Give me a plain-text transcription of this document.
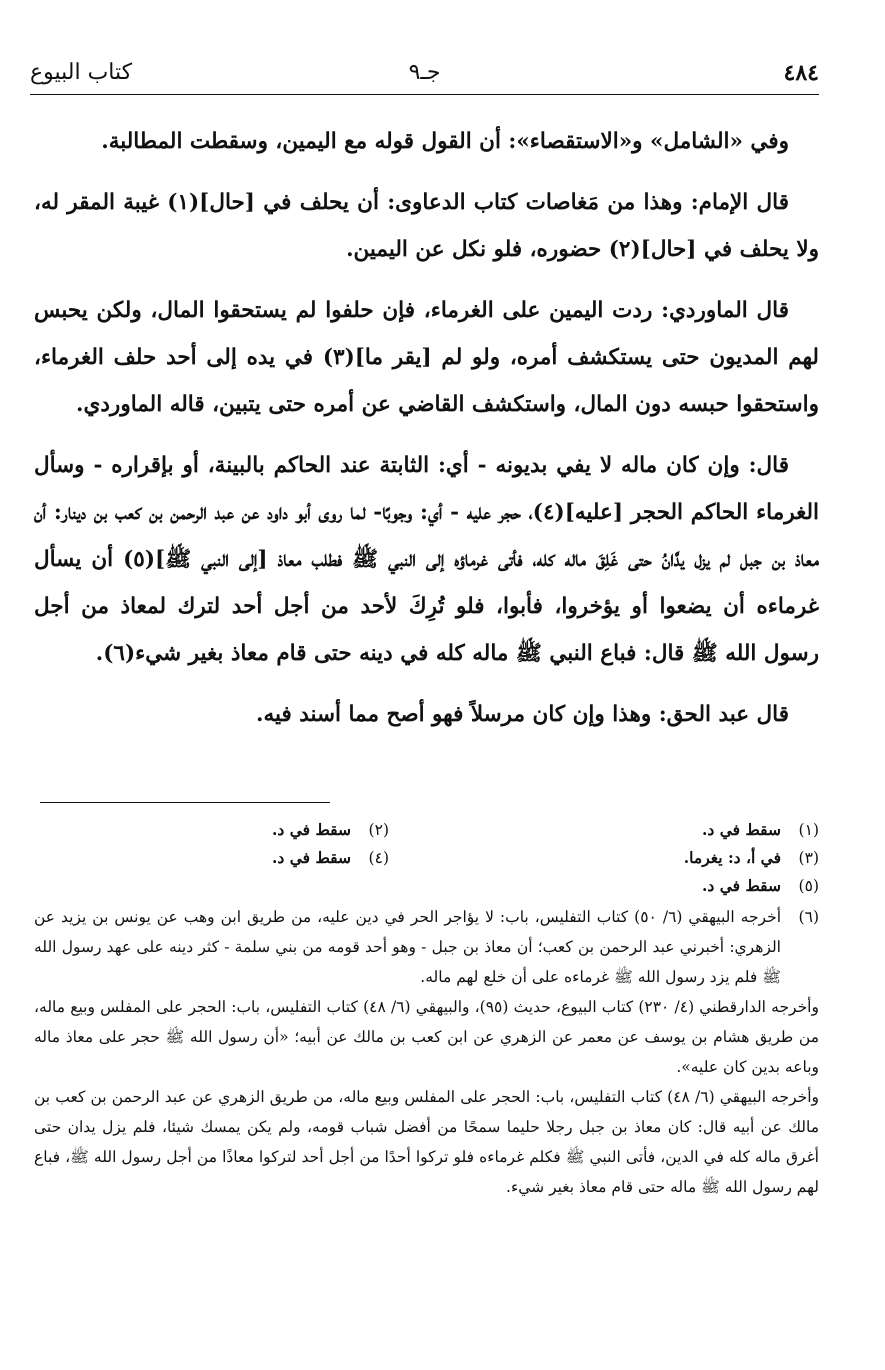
٤٨٤
جـ٩
كتاب البيوع

وفي «الشامل» و«الاستقصاء»: أن القول قوله مع اليمين، وسقطت المطالبة.

قال الإمام: وهذا من مَغاصات كتاب الدعاوى: أن يحلف في [حال](١) غيبة المقر له، ولا يحلف في [حال](٢) حضوره، فلو نكل عن اليمين.

قال الماوردي: ردت اليمين على الغرماء، فإن حلفوا لم يستحقوا المال، ولكن يحبس لهم المديون حتى يستكشف أمره، ولو لم [يقر ما](٣) في يده إلى أحد حلف الغرماء، واستحقوا حبسه دون المال، واستكشف القاضي عن أمره حتى يتبين، قاله الماوردي.

قال: وإن كان ماله لا يفي بديونه - أي: الثابتة عند الحاكم بالبينة، أو بإقراره - وسأل الغرماء الحاكم الحجر [عليه](٤)، حجر عليه - أي: وجوبًا- لما روى أبو داود عن عبد الرحمن بن كعب بن دينار: أن معاذ بن جبل لم يزل يدَّانُ حتى غَلِقَ ماله كله، فأتى غرماؤه إلى النبي ﷺ فطلب معاذ [إلى النبي ﷺ](٥) أن يسأل غرماءه أن يضعوا أو يؤخروا، فأبوا، فلو تُرِكَ لأحد من أجل أحد لترك لمعاذ من أجل رسول الله ﷺ قال: فباع النبي ﷺ ماله كله في دينه حتى قام معاذ بغير شيء(٦).

قال عبد الحق: وهذا وإن كان مرسلاً فهو أصح مما أسند فيه.

(١)سقط في د.
(٢)سقط في د.
(٣)في أ، د: يغرما.
(٤)سقط في د.
(٥)سقط في د.
(٦)

أخرجه البيهقي (٦/ ٥٠) كتاب التفليس، باب: لا يؤاجر الحر في دين عليه، من طريق ابن وهب عن يونس بن يزيد عن الزهري: أخبرني عبد الرحمن بن كعب؛ أن معاذ بن جبل - وهو أحد قومه من بني سلمة - كثر دينه على عهد رسول الله ﷺ فلم يزد رسول الله ﷺ غرماءه على أن خلع لهم ماله.

وأخرجه الدارقطني (٤/ ٢٣٠) كتاب البيوع، حديث (٩٥)، والبيهقي (٦/ ٤٨) كتاب التفليس، باب: الحجر على المفلس وبيع ماله، من طريق هشام بن يوسف عن معمر عن الزهري عن ابن كعب بن مالك عن أبيه؛ «أن رسول الله ﷺ حجر على معاذ ماله وباعه بدين كان عليه».

وأخرجه البيهقي (٦/ ٤٨) كتاب التفليس، باب: الحجر على المفلس وبيع ماله، من طريق الزهري عن عبد الرحمن بن كعب بن مالك عن أبيه قال: كان معاذ بن جبل رجلا حليما سمحًا من أفضل شباب قومه، ولم يكن يمسك شيئا، فلم يزل يدان حتى أغرق ماله كله في الدين، فأتى النبي ﷺ فكلم غرماءه فلو تركوا أحدًا من أجل أحد لتركوا معاذًا من أجل رسول الله ﷺ، فباع لهم رسول الله ﷺ ماله حتى قام معاذ بغير شيء.
